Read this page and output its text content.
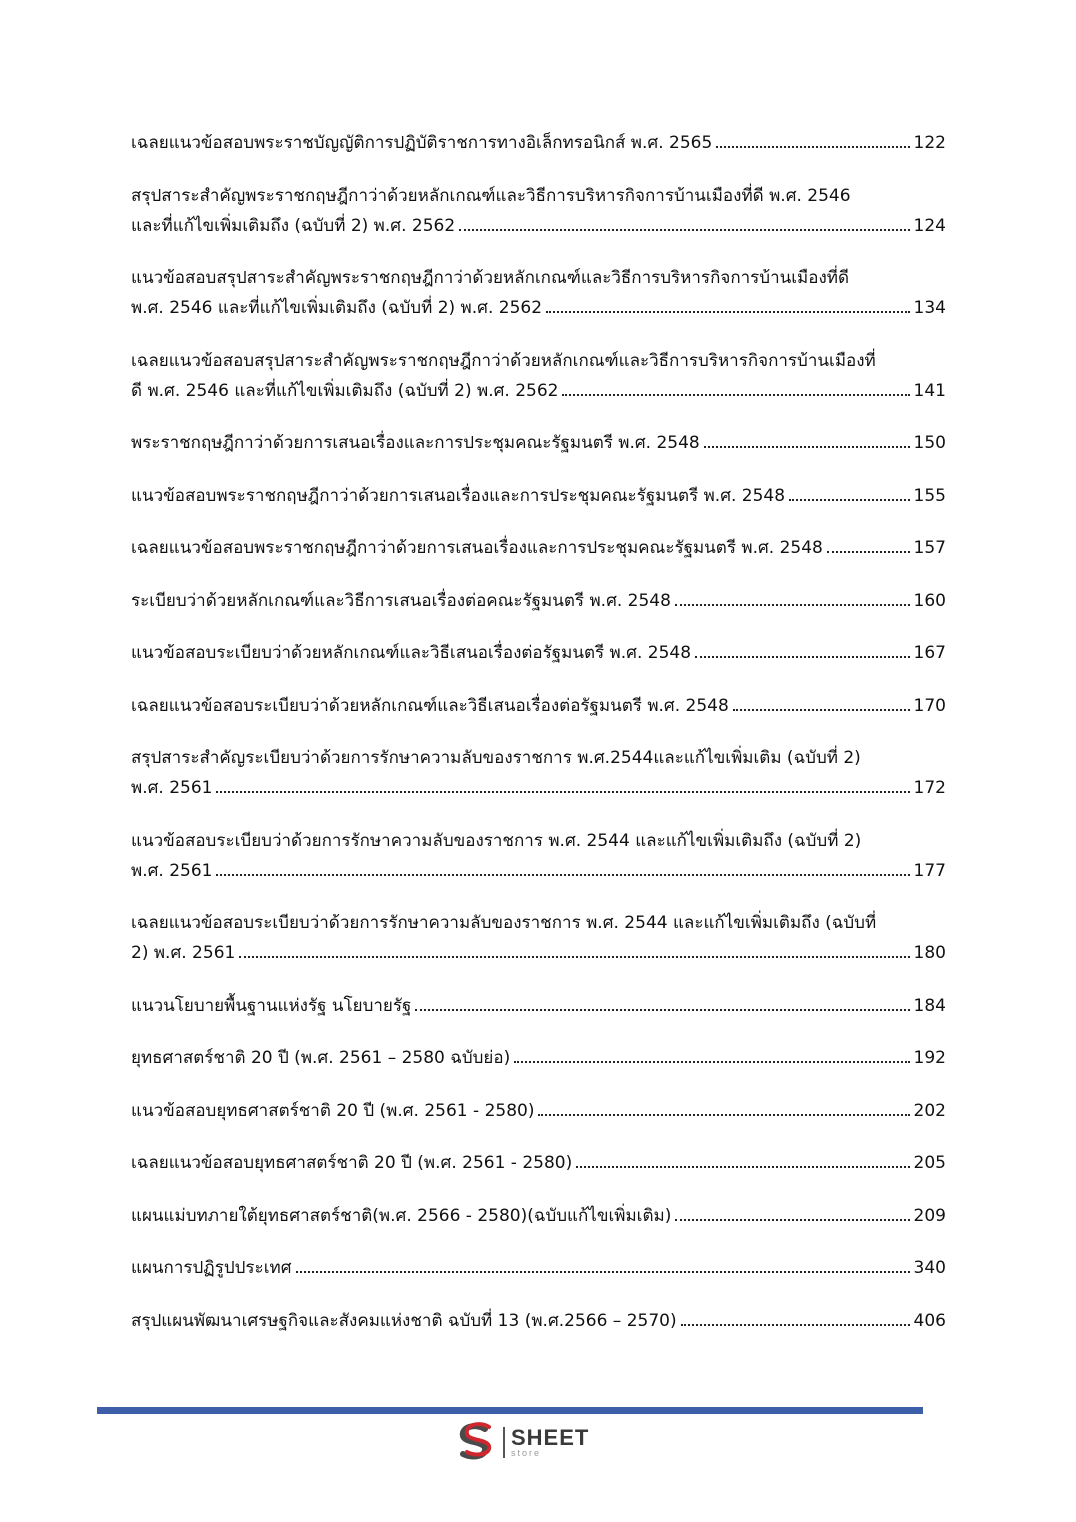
เฉลยแนวข้อสอบพระราชบัญญัติการปฏิบัติราชการทางอิเล็กทรอนิกส์ พ.ศ. 2565	122
สรุปสาระสำคัญพระราชกฤษฎีกาว่าด้วยหลักเกณฑ์และวิธีการบริหารกิจการบ้านเมืองที่ดี พ.ศ. 2546
และที่แก้ไขเพิ่มเติมถึง (ฉบับที่ 2) พ.ศ. 2562	124
แนวข้อสอบสรุปสาระสำคัญพระราชกฤษฎีกาว่าด้วยหลักเกณฑ์และวิธีการบริหารกิจการบ้านเมืองที่ดี
พ.ศ. 2546 และที่แก้ไขเพิ่มเติมถึง (ฉบับที่ 2) พ.ศ. 2562	134
เฉลยแนวข้อสอบสรุปสาระสำคัญพระราชกฤษฎีกาว่าด้วยหลักเกณฑ์และวิธีการบริหารกิจการบ้านเมืองที่
ดี พ.ศ. 2546 และที่แก้ไขเพิ่มเติมถึง (ฉบับที่ 2) พ.ศ. 2562	141
พระราชกฤษฎีกาว่าด้วยการเสนอเรื่องและการประชุมคณะรัฐมนตรี พ.ศ. 2548	150
แนวข้อสอบพระราชกฤษฎีกาว่าด้วยการเสนอเรื่องและการประชุมคณะรัฐมนตรี พ.ศ. 2548	155
เฉลยแนวข้อสอบพระราชกฤษฎีกาว่าด้วยการเสนอเรื่องและการประชุมคณะรัฐมนตรี พ.ศ. 2548	157
ระเบียบว่าด้วยหลักเกณฑ์และวิธีการเสนอเรื่องต่อคณะรัฐมนตรี พ.ศ. 2548	160
แนวข้อสอบระเบียบว่าด้วยหลักเกณฑ์และวิธีเสนอเรื่องต่อรัฐมนตรี พ.ศ. 2548	167
เฉลยแนวข้อสอบระเบียบว่าด้วยหลักเกณฑ์และวิธีเสนอเรื่องต่อรัฐมนตรี พ.ศ. 2548	170
สรุปสาระสำคัญระเบียบว่าด้วยการรักษาความลับของราชการ พ.ศ.2544และแก้ไขเพิ่มเติม (ฉบับที่ 2)
พ.ศ. 2561	172
แนวข้อสอบระเบียบว่าด้วยการรักษาความลับของราชการ พ.ศ. 2544 และแก้ไขเพิ่มเติมถึง (ฉบับที่ 2)
พ.ศ. 2561	177
เฉลยแนวข้อสอบระเบียบว่าด้วยการรักษาความลับของราชการ พ.ศ. 2544 และแก้ไขเพิ่มเติมถึง (ฉบับที่
2) พ.ศ. 2561	180
แนวนโยบายพื้นฐานแห่งรัฐ นโยบายรัฐ	184
ยุทธศาสตร์ชาติ 20 ปี (พ.ศ. 2561 – 2580 ฉบับย่อ)	192
แนวข้อสอบยุทธศาสตร์ชาติ 20 ปี (พ.ศ. 2561 - 2580)	202
เฉลยแนวข้อสอบยุทธศาสตร์ชาติ 20 ปี (พ.ศ. 2561 - 2580)	205
แผนแม่บทภายใต้ยุทธศาสตร์ชาติ(พ.ศ. 2566 - 2580)(ฉบับแก้ไขเพิ่มเติม)	209
แผนการปฏิรูปประเทศ	340
สรุปแผนพัฒนาเศรษฐกิจและสังคมแห่งชาติ ฉบับที่ 13 (พ.ศ.2566 – 2570)	406
SHEET
store
